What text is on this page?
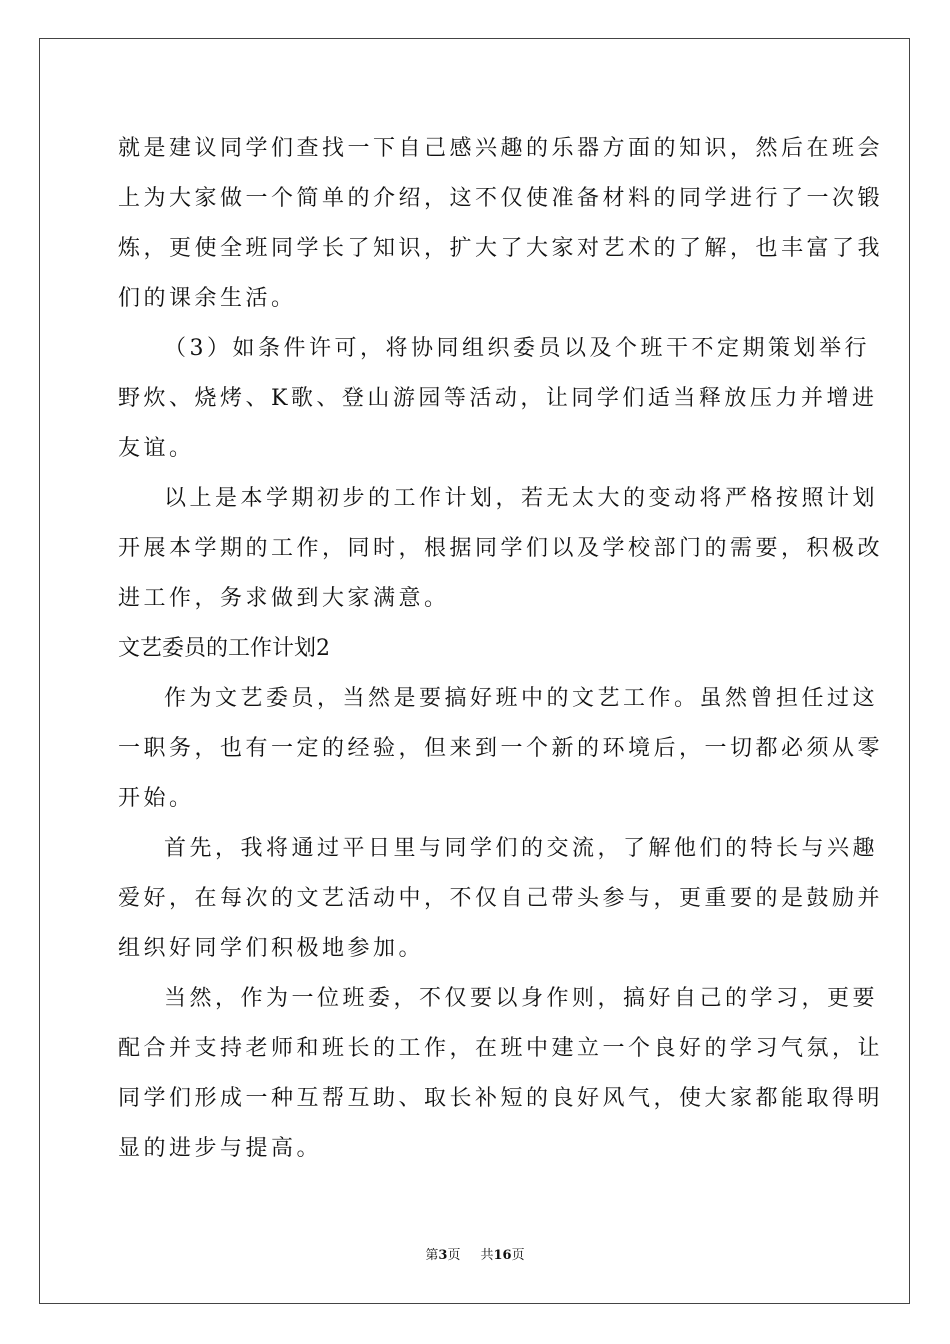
就是建议同学们查找一下自己感兴趣的乐器方面的知识，然后在班会
上为大家做一个简单的介绍，这不仅使准备材料的同学进行了一次锻
炼，更使全班同学长了知识，扩大了大家对艺术的了解，也丰富了我
们的课余生活。
（3）如条件许可，将协同组织委员以及个班干不定期策划举行
野炊、烧烤、K歌、登山游园等活动，让同学们适当释放压力并增进
友谊。
以上是本学期初步的工作计划，若无太大的变动将严格按照计划
开展本学期的工作，同时，根据同学们以及学校部门的需要，积极改
进工作，务求做到大家满意。
文艺委员的工作计划2
作为文艺委员，当然是要搞好班中的文艺工作。虽然曾担任过这
一职务，也有一定的经验，但来到一个新的环境后，一切都必须从零
开始。
首先，我将通过平日里与同学们的交流，了解他们的特长与兴趣
爱好，在每次的文艺活动中，不仅自己带头参与，更重要的是鼓励并
组织好同学们积极地参加。
当然，作为一位班委，不仅要以身作则，搞好自己的学习，更要
配合并支持老师和班长的工作，在班中建立一个良好的学习气氛，让
同学们形成一种互帮互助、取长补短的良好风气，使大家都能取得明
显的进步与提高。
第3页 共16页
